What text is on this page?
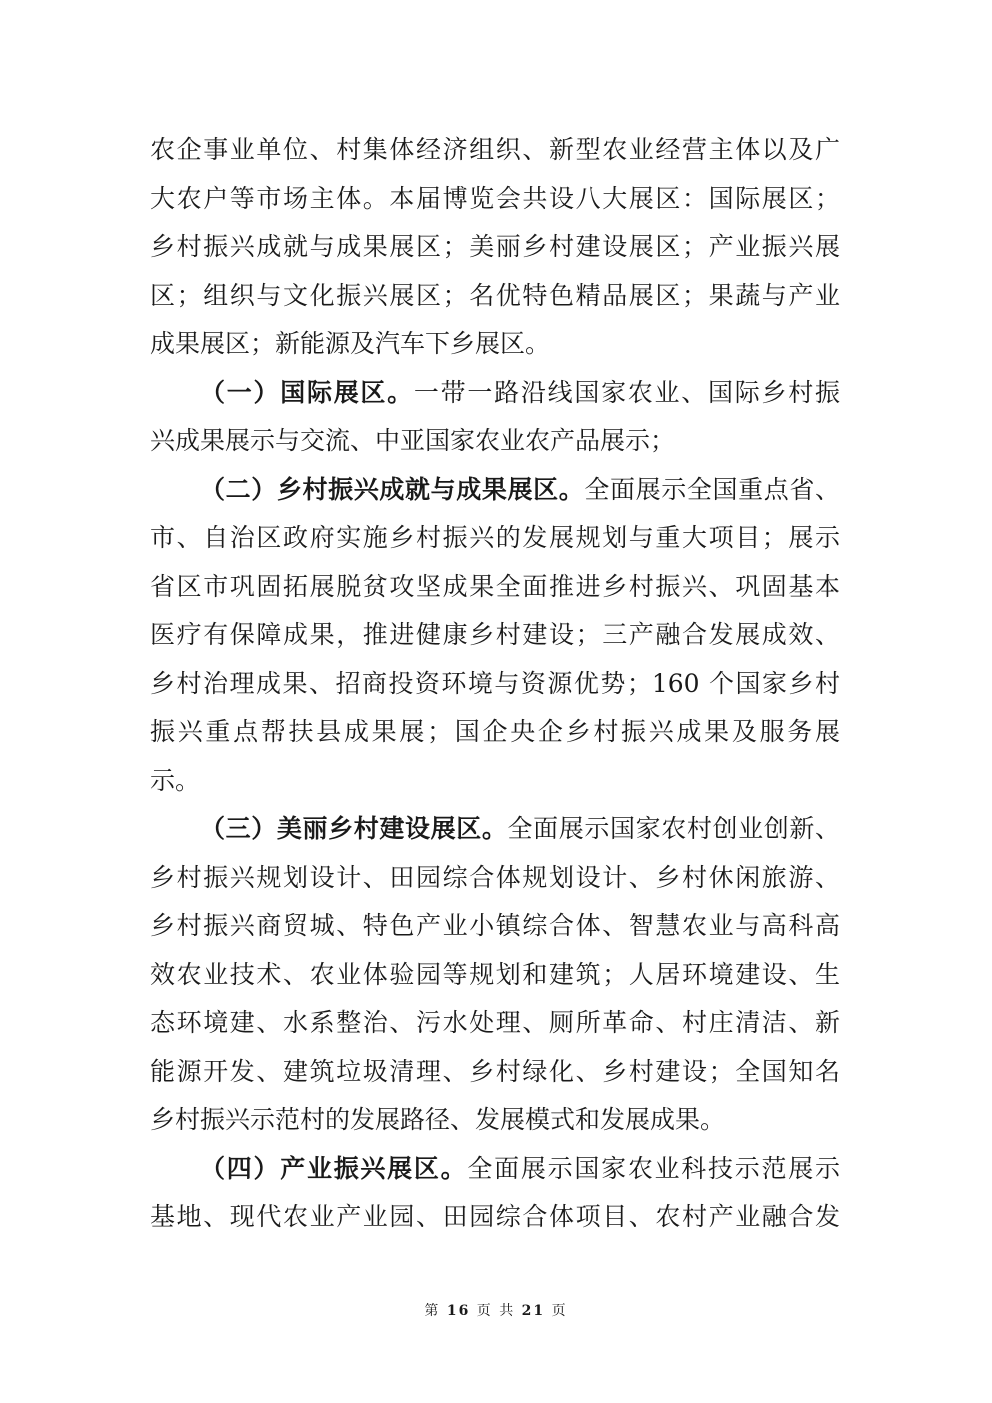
农企事业单位、村集体经济组织、新型农业经营主体以及广
大农户等市场主体。本届博览会共设八大展区：国际展区；
乡村振兴成就与成果展区；美丽乡村建设展区；产业振兴展
区；组织与文化振兴展区；名优特色精品展区；果蔬与产业
成果展区；新能源及汽车下乡展区。
（一）国际展区。一带一路沿线国家农业、国际乡村振
兴成果展示与交流、中亚国家农业农产品展示；
（二）乡村振兴成就与成果展区。全面展示全国重点省、
市、自治区政府实施乡村振兴的发展规划与重大项目；展示
省区市巩固拓展脱贫攻坚成果全面推进乡村振兴、巩固基本
医疗有保障成果，推进健康乡村建设；三产融合发展成效、
乡村治理成果、招商投资环境与资源优势；160 个国家乡村
振兴重点帮扶县成果展；国企央企乡村振兴成果及服务展
示。
（三）美丽乡村建设展区。全面展示国家农村创业创新、
乡村振兴规划设计、田园综合体规划设计、乡村休闲旅游、
乡村振兴商贸城、特色产业小镇综合体、智慧农业与高科高
效农业技术、农业体验园等规划和建筑；人居环境建设、生
态环境建、水系整治、污水处理、厕所革命、村庄清洁、新
能源开发、建筑垃圾清理、乡村绿化、乡村建设；全国知名
乡村振兴示范村的发展路径、发展模式和发展成果。
（四）产业振兴展区。全面展示国家农业科技示范展示
基地、现代农业产业园、田园综合体项目、农村产业融合发
第 16 页 共 21 页
